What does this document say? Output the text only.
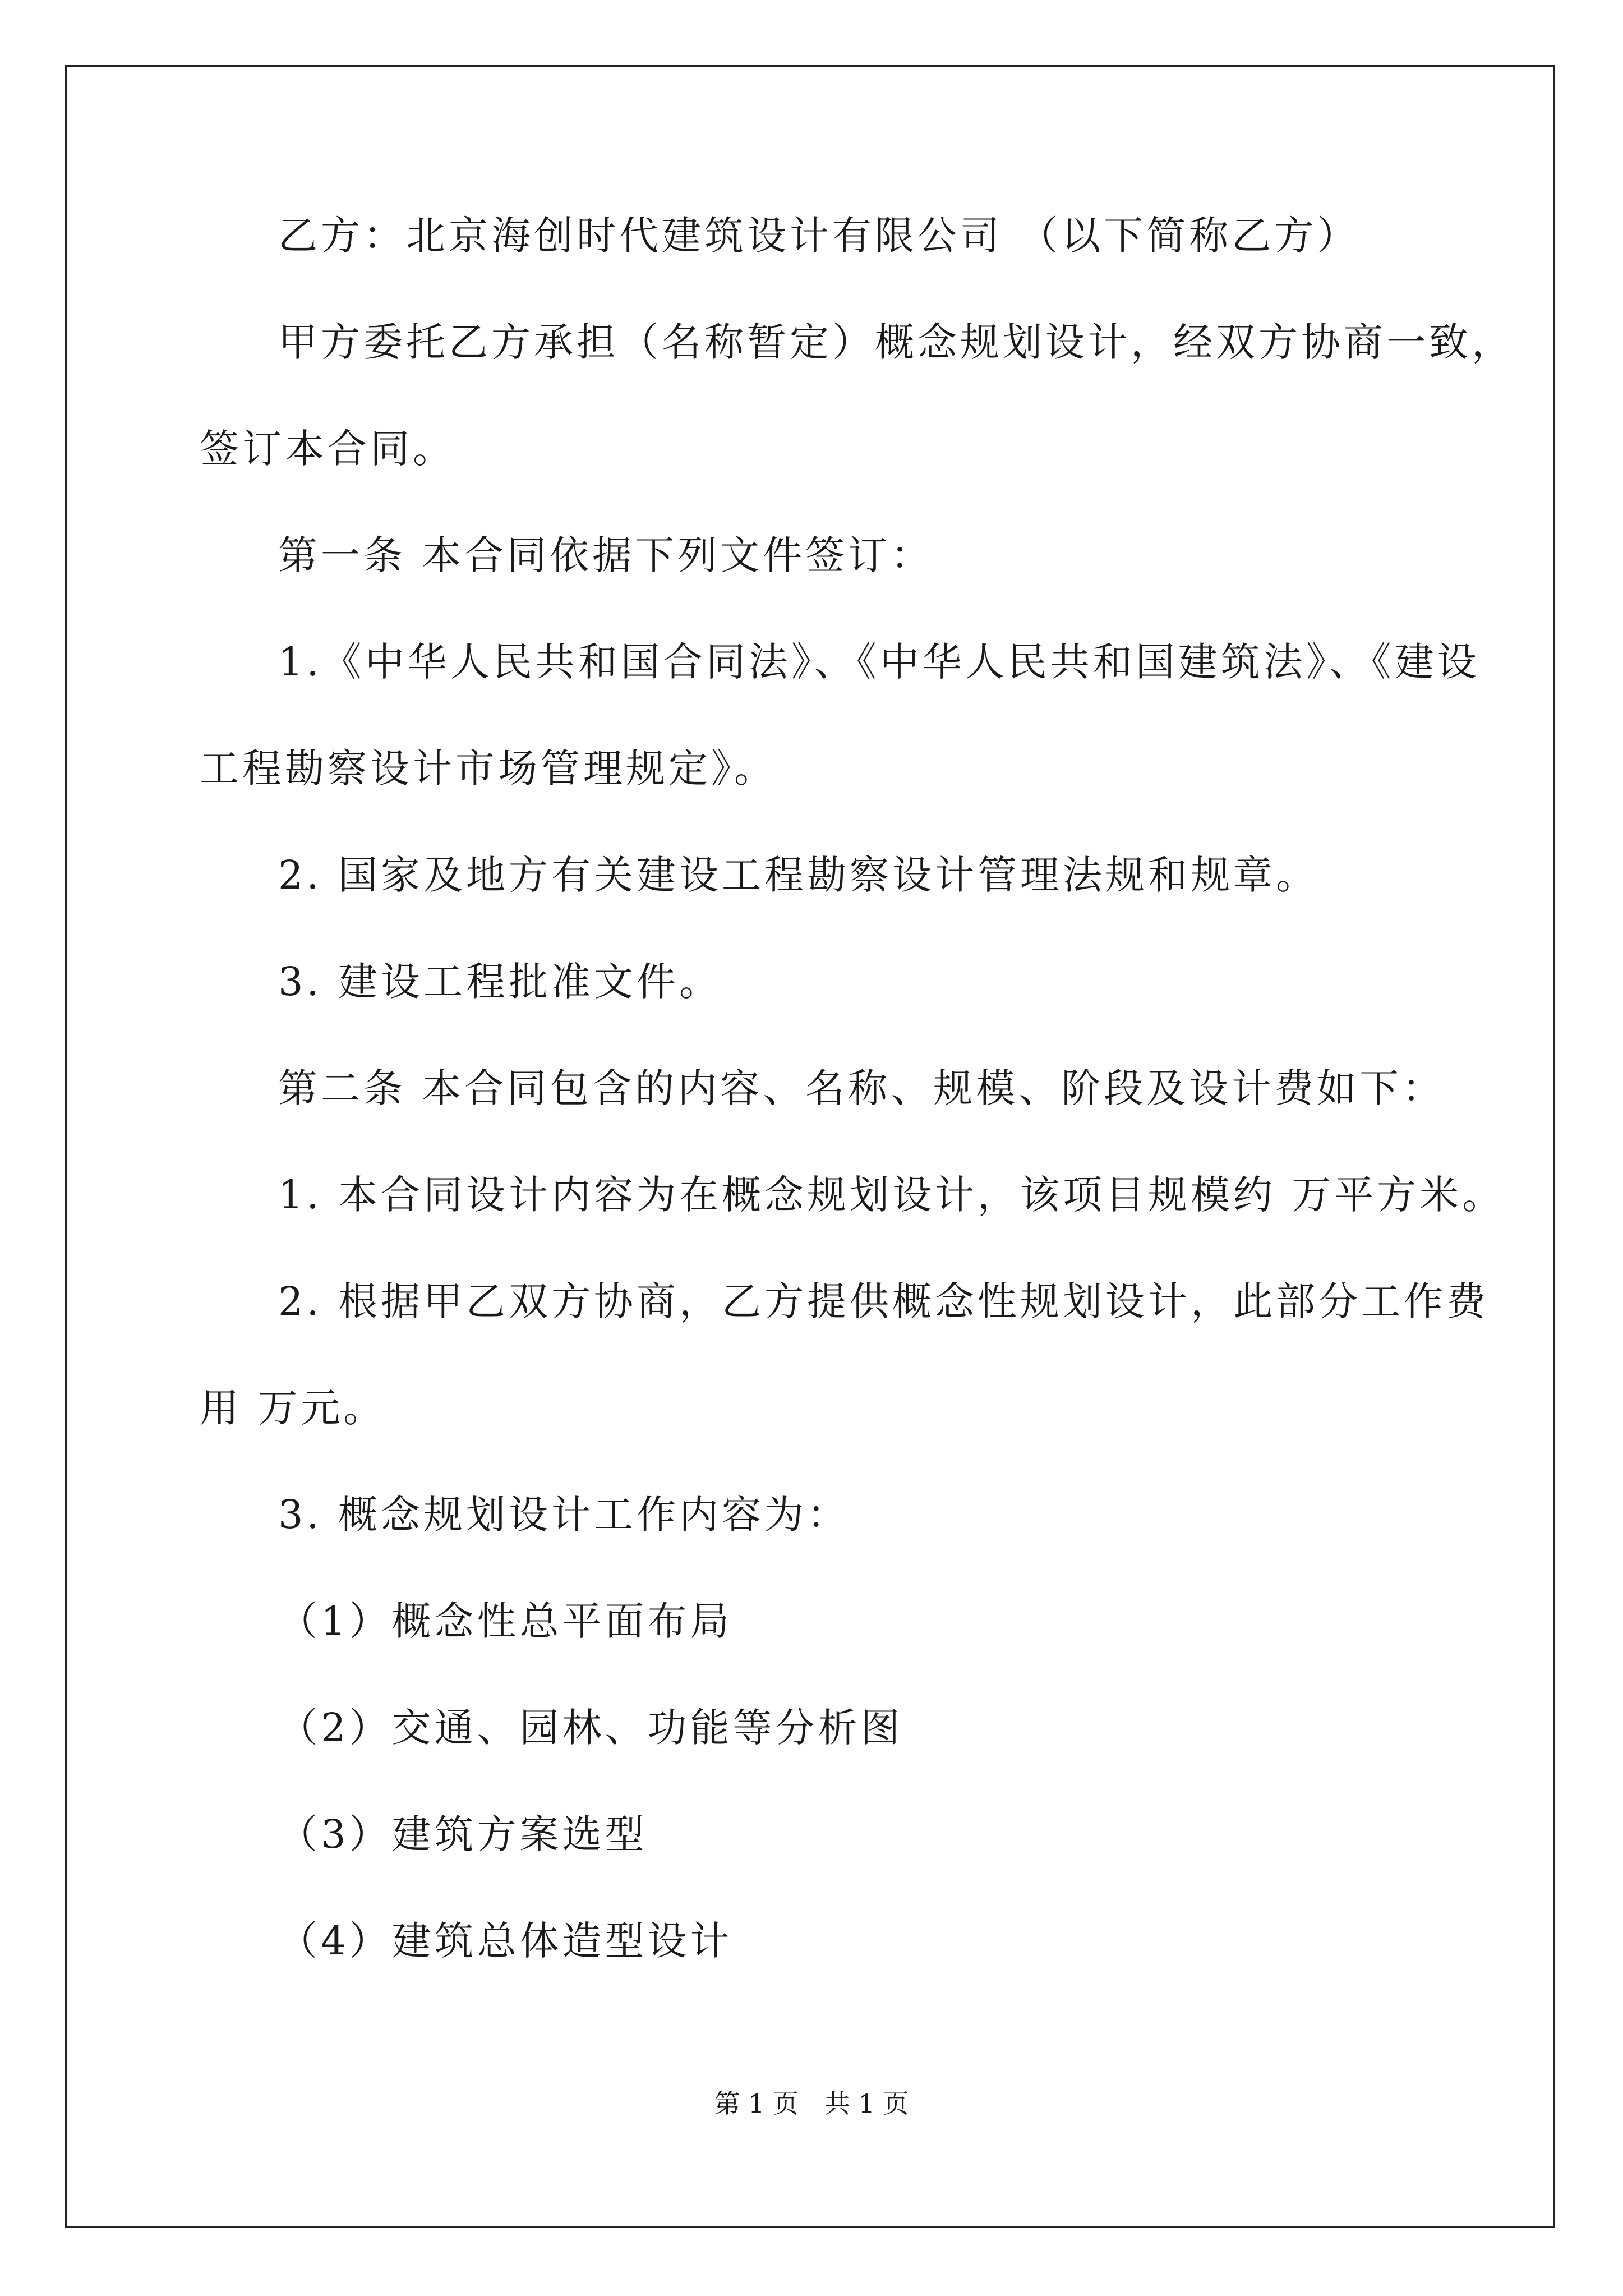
乙方：北京海创时代建筑设计有限公司 （以下简称乙方）
甲方委托乙方承担（名称暂定）概念规划设计，经双方协商一致，
签订本合同。
第一条 本合同依据下列文件签订：
1.《中华人民共和国合同法》、《中华人民共和国建筑法》、《建设
工程勘察设计市场管理规定》。
2. 国家及地方有关建设工程勘察设计管理法规和规章。
3. 建设工程批准文件。
第二条 本合同包含的内容、名称、规模、阶段及设计费如下：
1. 本合同设计内容为在概念规划设计，该项目规模约 万平方米。
2. 根据甲乙双方协商，乙方提供概念性规划设计，此部分工作费
用 万元。
3. 概念规划设计工作内容为：
（1）概念性总平面布局
（2）交通、园林、功能等分析图
（3）建筑方案选型
（4）建筑总体造型设计
第 1 页　共 1 页
